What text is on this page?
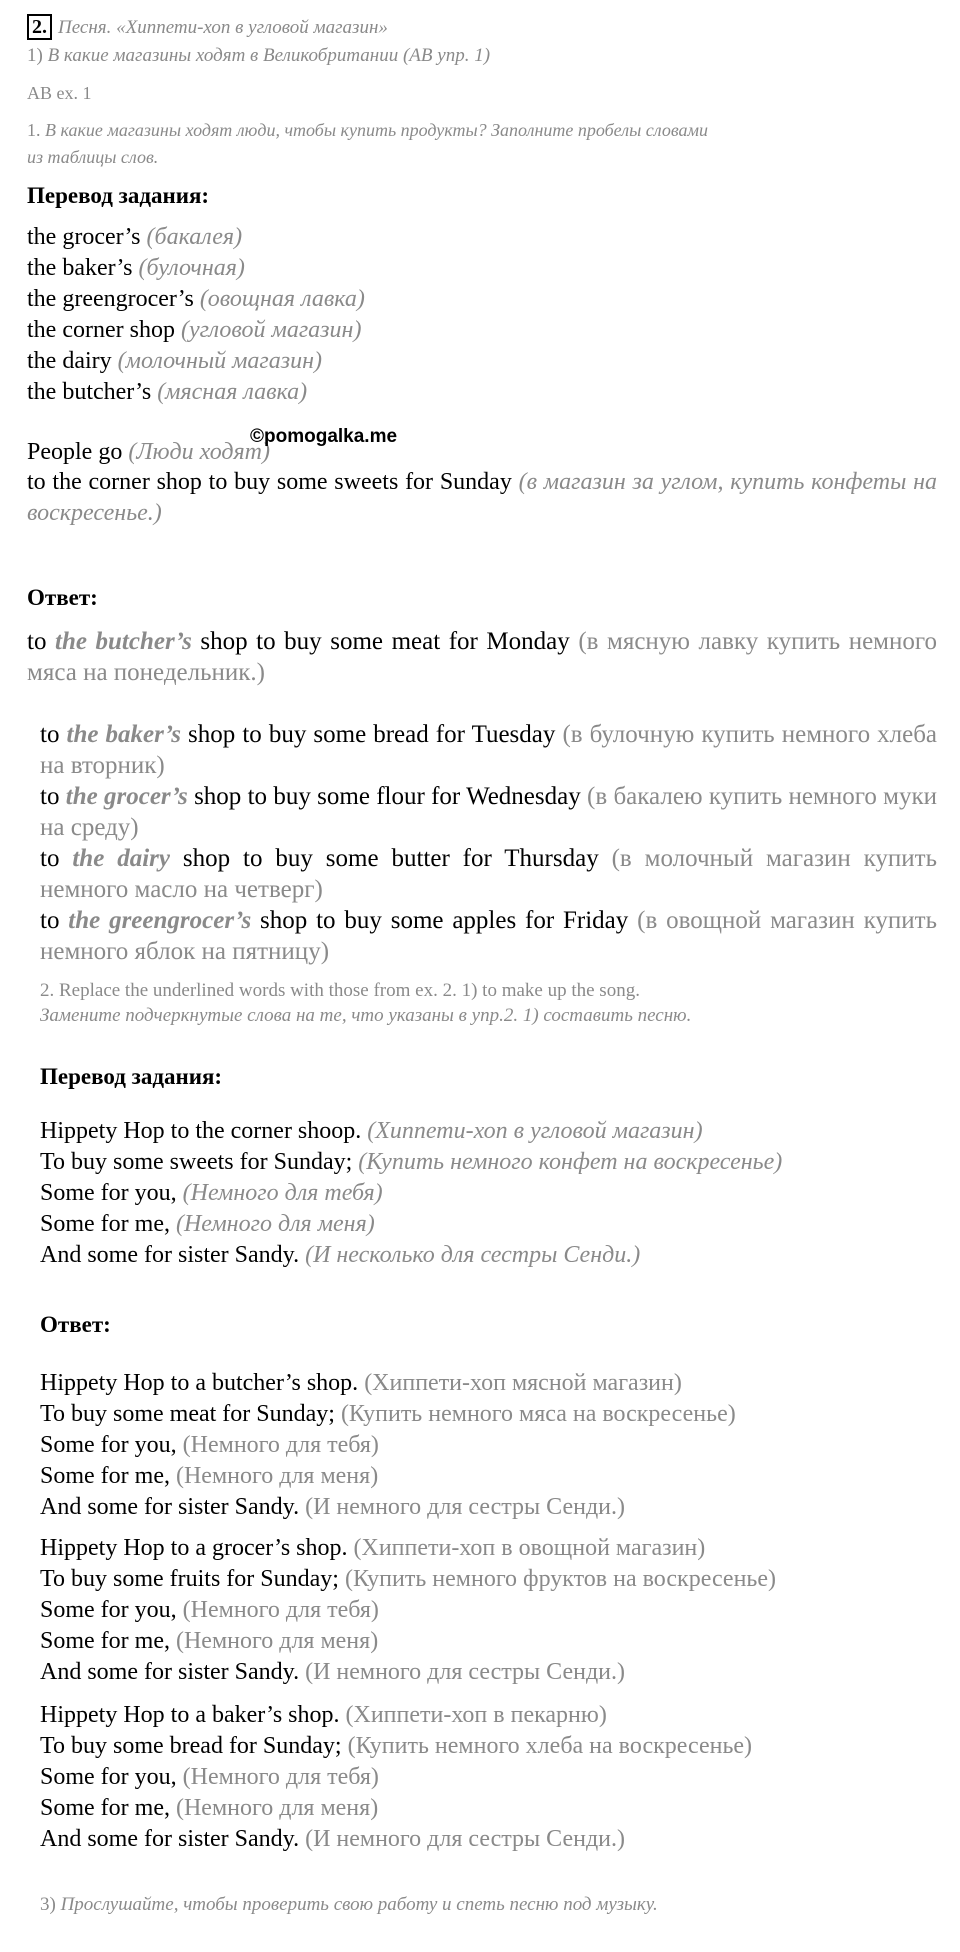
2. Песня. «Хиппети-хоп в угловой магазин»
1) В какие магазины ходят в Великобритании (AB упр. 1)
AB ex. 1
1. В какие магазины ходят люди, чтобы купить продукты? Заполните пробелы словами
из таблицы слов.
Перевод задания:
the grocer’s (бакалея)
the baker’s (булочная)
the greengrocer’s (овощная лавка)
the corner shop (угловой магазин)
the dairy (молочный магазин)
the butcher’s (мясная лавка)
People go (Люди ходят)
©pomogalka.me
to the corner shop to buy some sweets for Sunday (в магазин за углом, купить конфеты на воскресенье.)
Ответ:
to the butcher’s shop to buy some meat for Monday (в мясную лавку купить немного мяса на понедельник.)
to the baker’s shop to buy some bread for Tuesday (в булочную купить немного хлеба на вторник)
to the grocer’s shop to buy some flour for Wednesday (в бакалею купить немного муки на среду)
to the dairy shop to buy some butter for Thursday (в молочный магазин купить немного масло на четверг)
to the greengrocer’s shop to buy some apples for Friday (в овощной магазин купить немного яблок на пятницу)
2. Replace the underlined words with those from ex. 2. 1) to make up the song.
Замените подчеркнутые слова на те, что указаны в упр.2. 1) составить песню.
Перевод задания:
Hippety Hop to the corner shoop. (Хиппети-хоп в угловой магазин)
To buy some sweets for Sunday; (Купить немного конфет на воскресенье)
Some for you, (Немного для тебя)
Some for me, (Немного для меня)
And some for sister Sandy. (И несколько для сестры Сенди.)
Ответ:
Hippety Hop to a butcher’s shop. (Хиппети-хоп мясной магазин)
To buy some meat for Sunday; (Купить немного мяса на воскресенье)
Some for you, (Немного для тебя)
Some for me, (Немного для меня)
And some for sister Sandy. (И немного для сестры Сенди.)
Hippety Hop to a grocer’s shop. (Хиппети-хоп в овощной магазин)
To buy some fruits for Sunday; (Купить немного фруктов на воскресенье)
Some for you, (Немного для тебя)
Some for me, (Немного для меня)
And some for sister Sandy. (И немного для сестры Сенди.)
Hippety Hop to a baker’s shop. (Хиппети-хоп в пекарню)
To buy some bread for Sunday; (Купить немного хлеба на воскресенье)
Some for you, (Немного для тебя)
Some for me, (Немного для меня)
And some for sister Sandy. (И немного для сестры Сенди.)
3) Прослушайте, чтобы проверить свою работу и спеть песню под музыку.
